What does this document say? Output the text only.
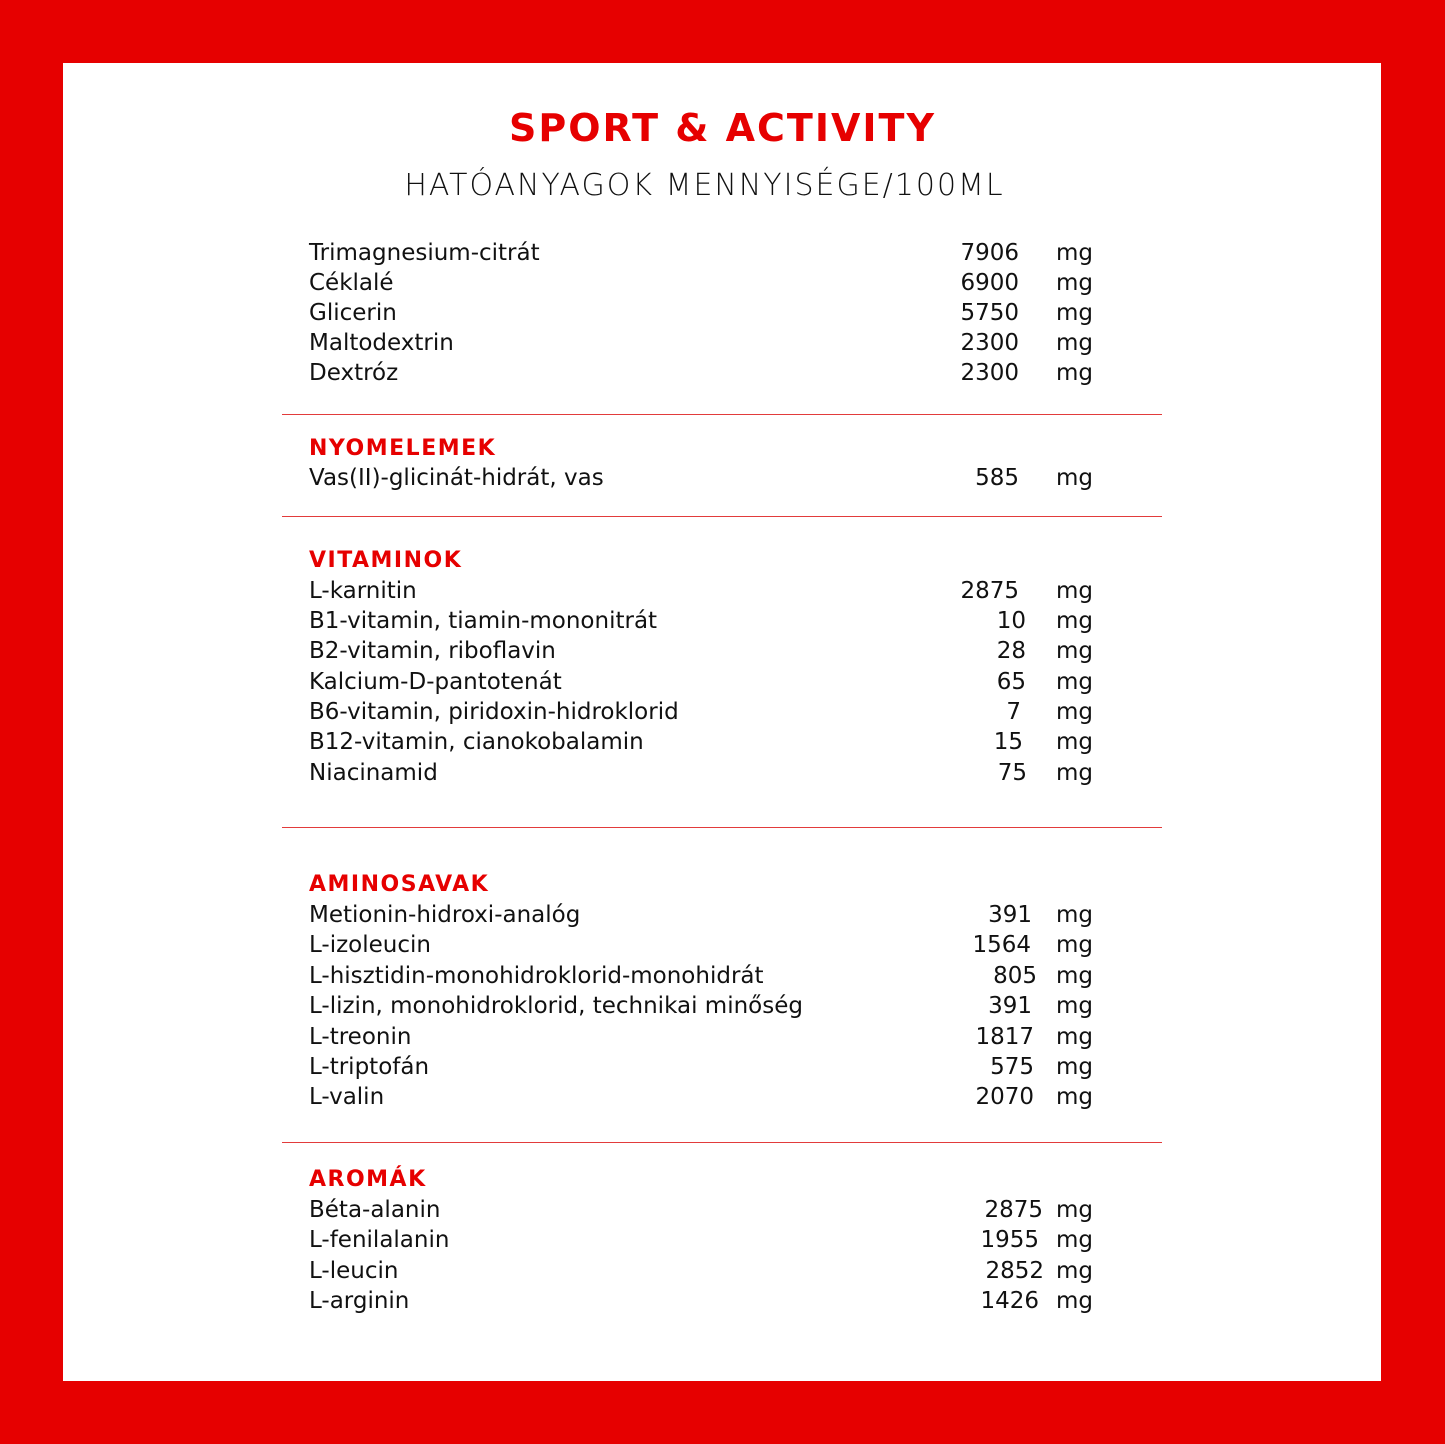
SPORT & ACTIVITY
HATÓANYAGOK MENNYISÉGE/100ML
Trimagnesium-citrát	7906 mg
Céklalé	6900 mg
Glicerin	5750 mg
Maltodextrin	2300 mg
Dextróz	2300 mg
NYOMELEMEK
Vas(II)-glicinát-hidrát, vas	585 mg
VITAMINOK
L-karnitin	2875 mg
B1-vitamin, tiamin-mononitrát	10 mg
B2-vitamin, riboflavin	28 mg
Kalcium-D-pantotenát	65 mg
B6-vitamin, piridoxin-hidroklorid	7 mg
B12-vitamin, cianokobalamin	15 mg
Niacinamid	75 mg
AMINOSAVAK
Metionin-hidroxi-analóg	391 mg
L-izoleucin	1564 mg
L-hisztidin-monohidroklorid-monohidrát	805 mg
L-lizin, monohidroklorid, technikai minőség	391 mg
L-treonin	1817 mg
L-triptofán	575 mg
L-valin	2070 mg
AROMÁK
Béta-alanin	2875 mg
L-fenilalanin	1955 mg
L-leucin	2852 mg
L-arginin	1426 mg
